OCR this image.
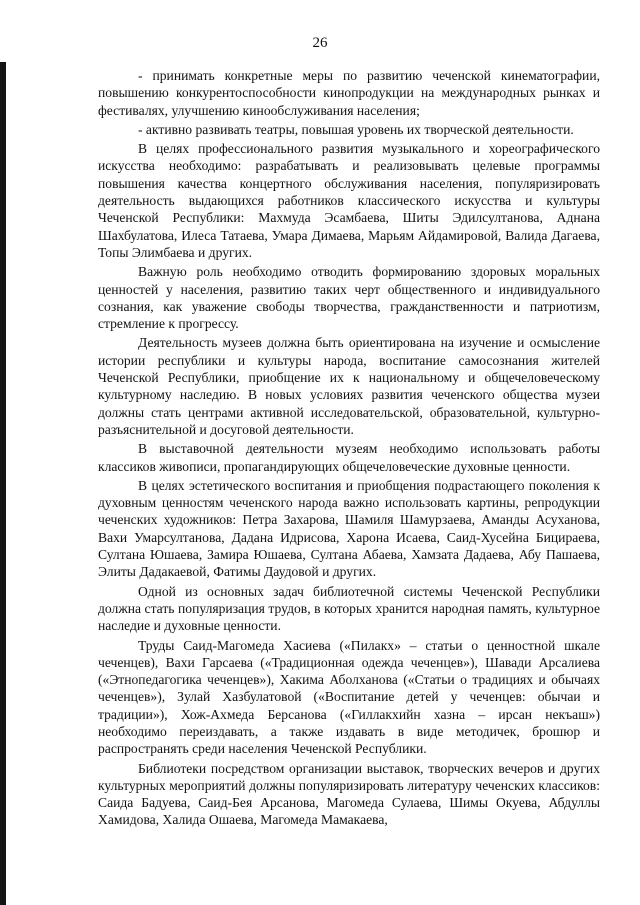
26

- принимать конкретные меры по развитию чеченской кинематографии, повышению конкурентоспособности кинопродукции на международных рынках и фестивалях, улучшению кинообслуживания населения;

- активно развивать театры, повышая уровень их творческой деятельности.

В целях профессионального развития музыкального и хореографического искусства необходимо: разрабатывать и реализовывать целевые программы повышения качества концертного обслуживания населения, популяризировать деятельность выдающихся работников классического искусства и культуры Чеченской Республики: Махмуда Эсамбаева, Шиты Эдилсултанова, Аднана Шахбулатова, Илеса Татаева, Умара Димаева, Марьям Айдамировой, Валида Дагаева, Топы Элимбаева и других.

Важную роль необходимо отводить формированию здоровых моральных ценностей у населения, развитию таких черт общественного и индивидуального сознания, как уважение свободы творчества, гражданственности и патриотизм, стремление к прогрессу.

Деятельность музеев должна быть ориентирована на изучение и осмысление истории республики и культуры народа, воспитание самосознания жителей Чеченской Республики, приобщение их к национальному и общечеловеческому культурному наследию. В новых условиях развития чеченского общества музеи должны стать центрами активной исследовательской, образовательной, культурно-разъяснительной и досуговой деятельности.

В выставочной деятельности музеям необходимо использовать работы классиков живописи, пропагандирующих общечеловеческие духовные ценности.

В целях эстетического воспитания и приобщения подрастающего поколения к духовным ценностям чеченского народа важно использовать картины, репродукции чеченских художников: Петра Захарова, Шамиля Шамурзаева, Аманды Асуханова, Вахи Умарсултанова, Дадана Идрисова, Харона Исаева, Саид-Хусейна Бицираева, Султана Юшаева, Замира Юшаева, Султана Абаева, Хамзата Дадаева, Абу Пашаева, Элиты Дадакаевой, Фатимы Даудовой и других.

Одной из основных задач библиотечной системы Чеченской Республики должна стать популяризация трудов, в которых хранится народная память, культурное наследие и духовные ценности.

Труды Саид-Магомеда Хасиева («Пилакх» – статьи о ценностной шкале чеченцев), Вахи Гарсаева («Традиционная одежда чеченцев»), Шавади Арсалиева («Этнопедагогика чеченцев»), Хакима Аболханова («Статьи о традициях и обычаях чеченцев»), Зулай Хазбулатовой («Воспитание детей у чеченцев: обычаи и традиции»), Хож-Ахмеда Берсанова («Гиллакхийн хазна – ирсан некъаш») необходимо переиздавать, а также издавать в виде методичек, брошюр и распространять среди населения Чеченской Республики.

Библиотеки посредством организации выставок, творческих вечеров и других культурных мероприятий должны популяризировать литературу чеченских классиков: Саида Бадуева, Саид-Бея Арсанова, Магомеда Сулаева, Шимы Окуева, Абдуллы Хамидова, Халида Ошаева, Магомеда Мамакаева,
